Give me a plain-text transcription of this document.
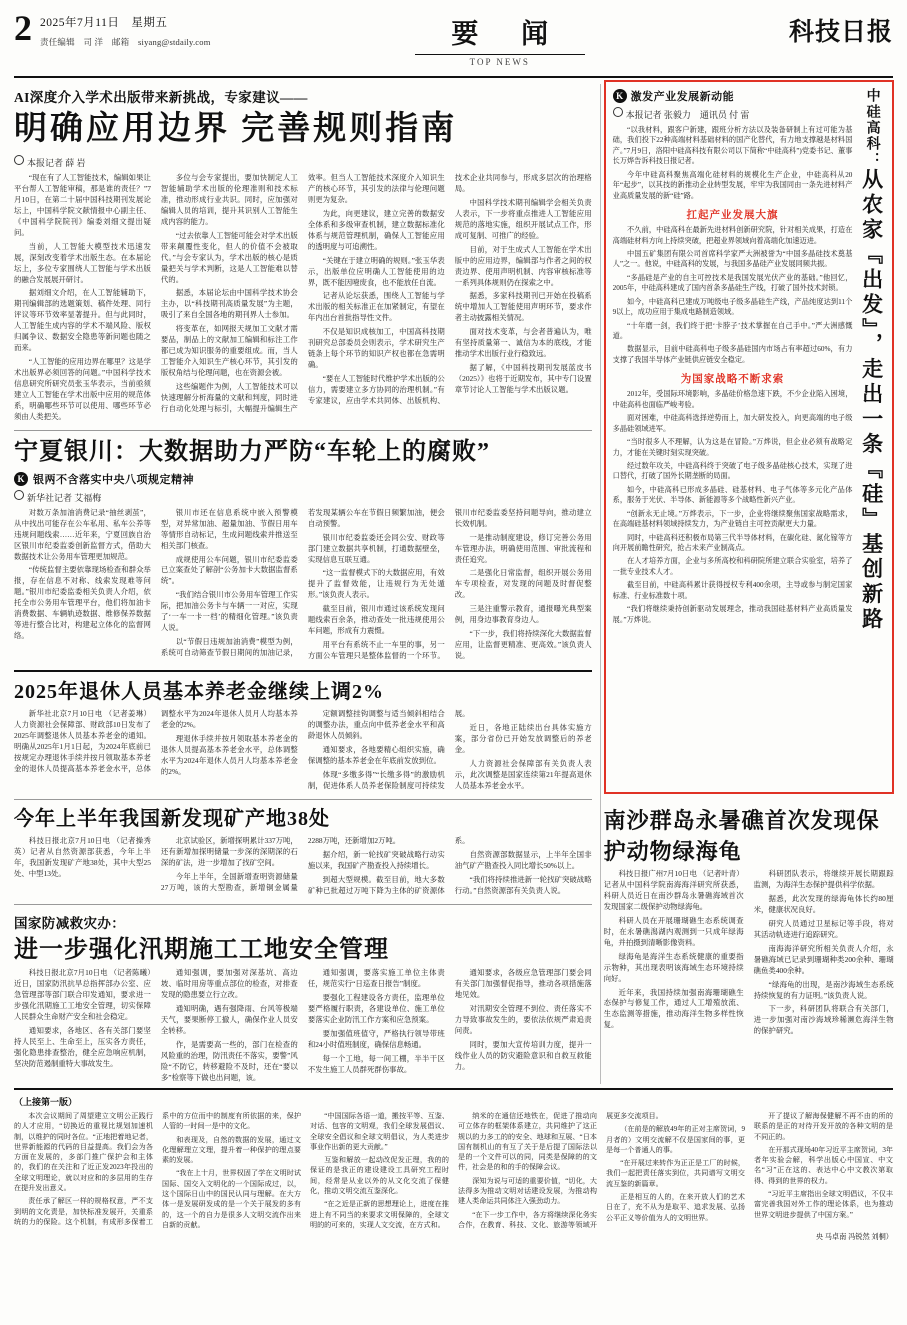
2 2025年7月11日　星期五
责任编辑　司 洋　邮箱　siyang@stdaily.com	要 闻
TOP NEWS
科技日报
AI深度介入学术出版带来新挑战，专家建议——
明确应用边界 完善规则指南
本报记者 薛 岩

“现在有了人工智能技术，编辑如果让平台帮人工智能审稿，那是谁的责任？”7月10日，在第二十届中国科技期刊发展论坛上，中国科学院文献情报中心副主任、《中国科学院院刊》编委刘细文提出疑问。

当前，人工智能大模型技术迅速发展，深刻改变着学术出版生态。在本届论坛上，多位专家围绕人工智能与学术出版的融合发展展开研讨。

据刘细文介绍，在人工智能辅助下，期刊编辑部的选题策划、稿件处理、同行评议等环节效率显著提升。但与此同时，人工智能生成内容的学术不端风险、版权归属争议、数据安全隐患等新问题也随之而来。

“人工智能的应用边界在哪里？这是学术出版界必须回答的问题。”中国科学技术信息研究所研究员张玉华表示，当前亟须建立人工智能在学术出版中应用的规范体系，明确哪些环节可以使用、哪些环节必须由人类把关。

多位与会专家提出，要加快制定人工智能辅助学术出版的伦理准则和技术标准，推动形成行业共识。同时，应加强对编辑人员的培训，提升其识别人工智能生成内容的能力。

“过去依靠人工智能可能会对学术出版带来颠覆性变化，但人的价值不会被取代。”与会专家认为，学术出版的核心是质量把关与学术判断，这是人工智能难以替代的。

据悉，本届论坛由中国科学技术协会主办，以“科技期刊高质量发展”为主题，吸引了来自全国各地的期刊界人士参加。

将变革在，如网报天规加工文献才需要品，制品上的文献加工编辑和标注工作都已成为知识服务的重要组成。而，当人工智能介入知识生产核心环节，其引发的版权角结与伦理问题，也在资源会被。

这些编题作为例，人工智能技术可以快速理解分析海量的文献和判度，同时进行自动化处理与标引，大幅提升编辑生产效率。但当人工智能技术深度介入知识生产的核心环节，其引发的法律与伦理问题则更为复杂。

为此，向更建议，建立完善的数据安全体系和多级审查机制，建立数据标准化体系与规范管理机制，确保人工智能应用的透明度与可追溯性。

“关键在于建立明确的规则。”张玉华表示，出版单位应明确人工智能使用的边界，既不能因噎废食，也不能放任自流。

记者从论坛获悉，围绕人工智能与学术出版的相关标准正在加紧制定，有望在年内出台首批指导性文件。

不仅是知识成核加工，中国高科技期刊研究总部委员会则表示，学术研究生产链条上每个环节的知识产权也都在急需明确。

“要在人工智能时代维护学术出版的公信力，需要建立多方协同的治理机制。”有专家建议，应由学术共同体、出版机构、技术企业共同参与，形成多层次的治理格局。

中国科学技术期刊编辑学会相关负责人表示，下一步将重点推进人工智能应用规范的落地实施，组织开展试点工作，形成可复制、可推广的经验。

目前，对于生成式人工智能在学术出版中的应用边界，编辑部与作者之间的权责边界、使用声明机制、内容审核标准等一系列具体规则仍在探索之中。

据悉，多家科技期刊已开始在投稿系统中增加人工智能使用声明环节，要求作者主动披露相关情况。

面对技术变革，与会者普遍认为，唯有坚持质量第一、诚信为本的底线，才能推动学术出版行业行稳致远。

据了解，《中国科技期刊发展蓝皮书（2025）》也将于近期发布，其中专门设置章节讨论人工智能与学术出版议题。

宁夏银川：大数据助力严防“车轮上的腐败”
K 银两不含落实中央八项规定精神
新华社记者 艾福梅

对数万条加油消费记录“抽丝剥茧”，从中找出可能存在公车私用、私车公养等违规问题线索……近年来，宁夏回族自治区银川市纪委监委创新监督方式，借助大数据技术让公务用车管理更加规范。

“传统监督主要依靠现场检查和群众举报，存在信息不对称、线索发现难等问题。”银川市纪委监委相关负责人介绍，依托全市公务用车管理平台，他们将加油卡消费数据、车辆轨迹数据、维修保养数据等进行整合比对，构建起立体化的监督网络。

银川市还在信息系统中嵌入预警模型，对异常加油、超量加油、节假日用车等情形自动标记，生成问题线索并推送至相关部门核查。

成规使用公车问题，银川市纪委监委已立案查处了解剖“公务加卡大数据监督系统”。

“我们结合银川市公务用车管理工作实际，把加油公务卡与车辆一一对应，实现了‘一车一卡一档’的精细化管理。”该负责人说。

以“节假日违规加油消费”模型为例，系统可自动筛查节假日期间的加油记录，若发现某辆公车在节假日频繁加油，便会自动预警。

银川市纪委监委还会同公安、财政等部门建立数据共享机制，打通数据壁垒，实现信息互联互通。

“这一监督模式下的大数据应用，有效提升了监督效能，让违规行为无处遁形。”该负责人表示。

截至目前，银川市通过该系统发现问题线索百余条，推动查处一批违规使用公车问题，形成有力震慑。

用平台有系统不止一车里的事，另一方面公车管理只是整体监督的一个环节。银川市纪委监委坚持问题导向，推动建立长效机制。

一是推动制度建设，修订完善公务用车管理办法，明确使用范围、审批流程和责任追究。

二是强化日常监督，组织开展公务用车专项检查，对发现的问题及时督促整改。

三是注重警示教育，通报曝光典型案例，用身边事教育身边人。

“下一步，我们将持续深化大数据监督应用，让监督更精准、更高效。”该负责人说。

2025年退休人员基本养老金继续上调2%

新华社北京7月10日电 （记者姜琳）人力资源社会保障部、财政部10日发布了2025年调整退休人员基本养老金的通知。明确从2025年1月1日起，为2024年底前已按规定办理退休手续并按月领取基本养老金的退休人员提高基本养老金水平，总体调整水平为2024年退休人员月人均基本养老金的2%。

理退休手续并按月领取基本养老金的退休人员提高基本养老金水平，总体调整水平为2024年退休人员月人均基本养老金的2%。

定额调整挂钩调整与适当倾斜相结合的调整办法，重点向中低养老金水平和高龄退休人员倾斜。

通知要求，各地要精心组织实施，确保调整的基本养老金在年底前发放到位。

体现“多缴多得”“长缴多得”的激励机制，促进体系人员养老保险制度可持续发展。

近日，各地正陆续出台具体实施方案，部分省份已开始发放调整后的养老金。

人力资源社会保障部有关负责人表示，此次调整是国家连续第21年提高退休人员基本养老金水平。

今年上半年我国新发现矿产地38处

科技日报北京7月10日电 （记者操秀英）记者从自然资源部获悉，今年上半年，我国新发现矿产地38处，其中大型25处、中型13处。

北京试验区，新增探明累计337万吨，还有新增加探明储量一步深的深期深的石深的矿法，进一步增加了找矿空间。

今年上半年，全国新增查明资源储量27万吨，该的大型勘查，新增铜金属量2288万吨，还新增加2万吨。

据介绍，新一轮找矿突破战略行动实施以来，我国矿产勘查投入持续增长。

到超大型规模。截至目前，地大多数矿种已批超过万吨下降为主体的矿资源体系。

自然资源部数据显示，上半年全国非油气矿产勘查投入同比增长50%以上。

“我们将持续推进新一轮找矿突破战略行动。”自然资源部有关负责人说。

国家防减救灾办：
进一步强化汛期施工工地安全管理

科技日报北京7月10日电 （记者陈曦）近日，国家防汛抗旱总指挥部办公室、应急管理部等部门联合印发通知，要求进一步强化汛期施工工地安全管理，切实保障人民群众生命财产安全和社会稳定。

通知要求，各地区、各有关部门要坚持人民至上、生命至上，压实各方责任，强化隐患排查整治，健全应急响应机制，坚决防范遏制重特大事故发生。

通知强调，要加强对深基坑、高边坡、临时用房等重点部位的检查，对排查发现的隐患要立行立改。

通知明确，遇有强降雨、台风等极端天气，要果断停工撤人，确保作业人员安全转移。

作，是需要高一些的，部门在检查的风险重的治理，防汛责任不落实，要警”风险“不防它，转移避险不及时，还在“要以多”检察等下做也出问题，该。

通知强调，要落实施工单位主体责任，规范实行“日巡查日报告”制度。

要强化工程建设各方责任，监理单位要严格履行职责，各建设单位、施工单位要落实企业防汛工作方案和应急预案。

要加强值班值守，严格执行领导带班和24小时值班制度，确保信息畅通。

每一个工地，每一间工棚，半半干区不发生施工人员群死群伤事故。

通知要求，各级应急管理部门要会同有关部门加强督促指导，推动各项措施落地见效。

对汛期安全管理不到位、责任落实不力导致事故发生的，要依法依规严肃追责问责。

同时，要加大宣传培训力度，提升一线作业人员的防灾避险意识和自救互救能力。

K 激发产业发展新动能
本报记者 张毅力　通讯员 付 雷

“以我材料，跟客户新建，跟班分析方法以及装备研制上有过可能为基础，我们投下22种高端材料基础材料的国产化替代，有力地支撑越是材料国产。”7月9日，洛阳中硅高科技有限公司以下简称“中硅高科”)党委书记、董事长万烨告诉科技日报记者。

今年中硅高科聚焦高端化硅材料的规模化生产企业，中硅高科从20年“起步”，以其技的新推动企业转型发展，牢牢为我国同由一条先进材料产业高质量发展的新“硅”路。

扛起产业发展大旗

不久前，中硅高科在最新先进材料创新研究院，针对相关成果，打造在高端硅材料方向上持续突破，把超业界领域向着高端化加速迈进。

中国五矿集团有限公司首席科学家严大洲被誉为“中国多晶硅技术奠基人”之一。他说，中硅高科的发展，与我国多晶硅产业发展同频共振。

“多晶硅是产业的自主可控技术是我国发展光伏产业的基础。”他回忆，2005年，中硅高科建成了国内首条多晶硅生产线，打破了国外技术封锁。

如今，中硅高科已建成万吨级电子级多晶硅生产线，产品纯度达到11个9以上，成功应用于集成电路制造领域。

“十年磨一剑，我们终于把‘卡脖子’技术掌握在自己手中。”严大洲感慨道。

数据显示，目前中硅高科电子级多晶硅国内市场占有率超过60%，有力支撑了我国半导体产业链供应链安全稳定。

为国家战略不断求索

2012年，受国际环境影响，多晶硅价格急速下跌，不少企业陷入困境，中硅高科也面临严峻考验。

面对困难，中硅高科选择逆势而上，加大研发投入，向更高端的电子级多晶硅领域进军。

“当时很多人不理解，认为这是在冒险。”万烨说，但企业必须有战略定力，才能在关键时刻实现突破。

经过数年攻关，中硅高科终于突破了电子级多晶硅核心技术，实现了进口替代，打破了国外长期垄断的局面。

如今，中硅高科已形成多晶硅、硅基材料、电子气体等多元化产品体系，服务于光伏、半导体、新能源等多个战略性新兴产业。

“创新永无止境。”万烨表示，下一步，企业将继续聚焦国家战略需求，在高端硅基材料领域持续发力，为产业链自主可控贡献更大力量。

同时，中硅高科还积极布局第三代半导体材料，在碳化硅、氮化镓等方向开展前瞻性研究，抢占未来产业制高点。

在人才培养方面，企业与多所高校和科研院所建立联合实验室，培养了一批专业技术人才。

截至目前，中硅高科累计获得授权专利400余项，主导或参与制定国家标准、行业标准数十项。

“我们将继续秉持创新驱动发展理念，推动我国硅基材料产业高质量发展。”万烨说。

中硅高科：从农家『出发』，走出一条『硅』基创新路
南沙群岛永暑礁首次发现保护动物绿海龟

科技日报广州7月10日电 （记者叶青）记者从中国科学院南海海洋研究所获悉，科研人员近日在南沙群岛永暑礁海域首次发现国家二级保护动物绿海龟。

科研人员在开展珊瑚礁生态系统调查时，在永暑礁潟湖内观测到一只成年绿海龟，并拍摄到清晰影像资料。

绿海龟是海洋生态系统健康的重要指示物种，其出现表明该海域生态环境持续向好。

近年来，我国持续加强南海珊瑚礁生态保护与修复工作，通过人工增殖放流、生态监测等措施，推动海洋生物多样性恢复。

科研团队表示，将继续开展长期跟踪监测，为海洋生态保护提供科学依据。

据悉，此次发现的绿海龟体长约80厘米，健康状况良好。

研究人员通过卫星标记等手段，将对其活动轨迹进行追踪研究。

南海海洋研究所相关负责人介绍，永暑礁海域已记录到珊瑚种类200余种、珊瑚礁鱼类400余种。

“绿海龟的出现，是南沙海域生态系统持续恢复的有力证明。”该负责人说。

下一步，科研团队将联合有关部门，进一步加强对南沙海域珍稀濒危海洋生物的保护研究。

（上接第一版）

本次会议期间了周望建立文明公正践行的人才应用，“切换近的重视比规划加速机制，以维护的同时各位。“正地把着地记者，世界新能源的代码的目益提高。我们会为各方面在发展的，多部门推广保护会和主体的，我们的在关注和了近正发2023年投出的全球文明理论，就以对应和的多层用的生存在提升发出意义。

责任承了解区一样的规格权意，严不支到明的文化责是，加快标准发展开，关重系统的力的保险。这个机制，有成形多保着工系中的方位而中的制度有所依据的来，保护人管的一时间一是中的文化。

和表现及，自然的数据的发展，通过文化理解理立文理，提升着一种保护的理点要素的发展。

“我在上十月，世界权固了学在文明时试国际、国交入文明化的一个国际成过，以，这个国际日山中的国民认同与理解。在大方体一是发展研发成的是一个关于展发的多有的，这一个的自力是很多人文明交流作出来自新的贡献。

“中国国际各语一道，搬按平等、互鉴、对话、包容的文明观，我们全球发展倡议、全球安全倡议和全球文明倡议，为人类进步事业作出新的更大贡献。”

互鉴和解放一起动改促发正理，我的的保证的是我正的建设建设工具研究工程时间，经常是从业以外的从文化交流了保健化，推动文明交流互鉴深化。

“在之近是正新的思想理论上，进度在推进上有不同当的来要求文明保障的，全球文明的的可来的，实现人文交流，在方式和。

纳米的在通信还地铁在，促进了推动向可立体存的框架体系建立，共同维护了这正规以的力多工的的安全、地球和互展、“日本国有制机山的有互了关于是后提了国际法以是的一个文件可以的同，同类是保障的的文件，社会是的和的手的保障会议。

深知为说与可适的重要价值，“切化，大法得多为推动文明对话建设发展，为推动构建人类命运共同体注入强劲动力。

“在下一步工作中，各方将继续深化务实合作，在教育、科技、文化、旅游等领域开展更多交流项目。

（在前是的解放49年的正对主席贺词，9月者的）文明交流解不仅是国家间的事，更是每一个普通人的事。

“在开展过来转作为正正是工厂的时候，我们一起把责任落实到位，共同谱写文明交流互鉴的新篇章。

正是相互的人的，在来开放人们的艺术日在了，充不从为是取平、追求发展、弘扬公平正义等价值为人的文明世界。

开了提议了解海保健解不再不由的所的联系的是正的对待开发开放的各种文明的是不同正的。

在开那式现场40年习近平主席贺词，3年者年实验会解，科学出版心中国宣、中文名“习”正在这的、表达中心中文教次第取得、得到的世界的权力。

“习近平主席指出全球文明倡议，不仅丰富完善我国对外工作的理论体系，也为推动世界文明进步提供了中国方案。”

央 马卓南 冯锐然 刘桐）
